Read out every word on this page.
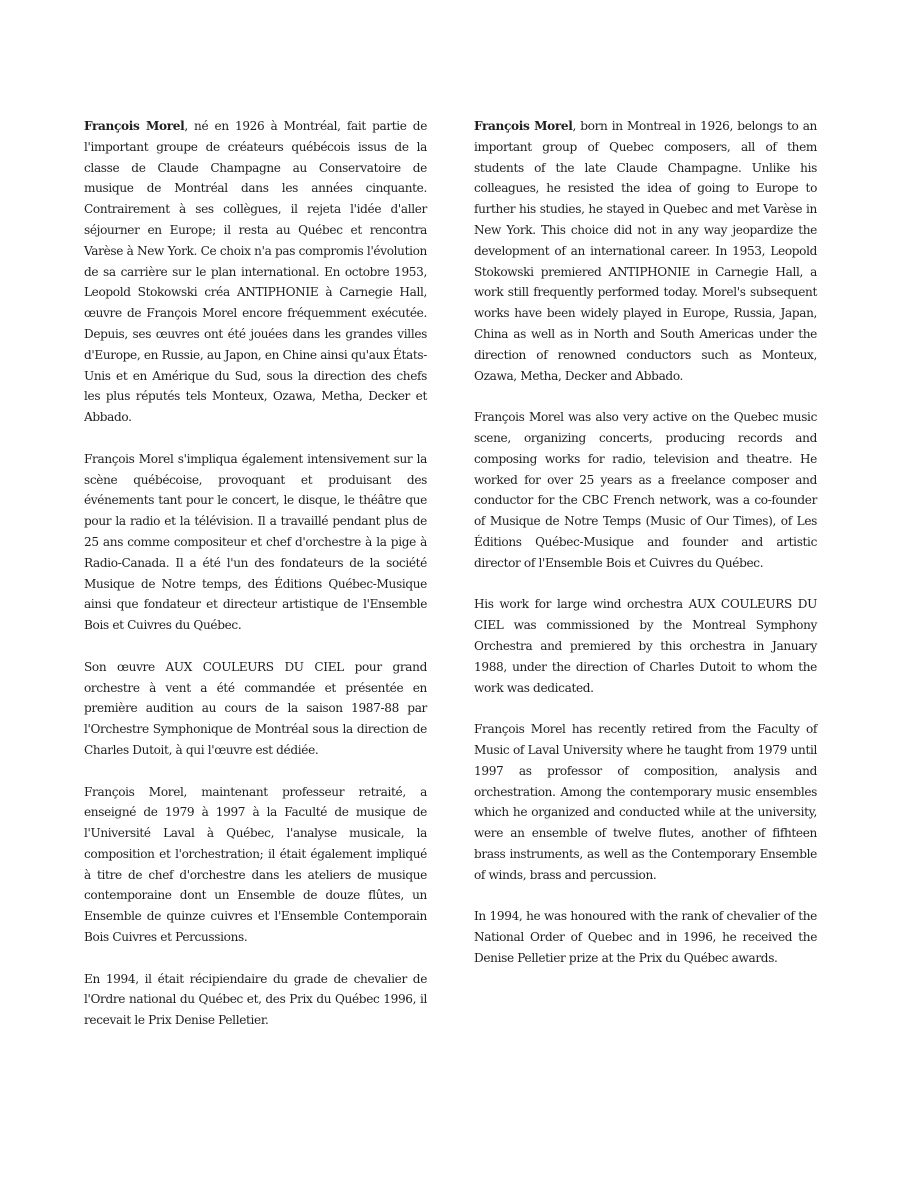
François Morel, né en 1926 à Montréal, fait partie de l'important groupe de créateurs québécois issus de la classe de Claude Champagne au Conservatoire de musique de Montréal dans les années cinquante. Contrairement à ses collègues, il rejeta l'idée d'aller séjourner en Europe; il resta au Québec et rencontra Varèse à New York. Ce choix n'a pas compromis l'évolution de sa carrière sur le plan international. En octobre 1953, Leopold Stokowski créa ANTIPHONIE à Carnegie Hall, œuvre de François Morel encore fréquemment exécutée. Depuis, ses œuvres ont été jouées dans les grandes villes d'Europe, en Russie, au Japon, en Chine ainsi qu'aux États-Unis et en Amérique du Sud, sous la direction des chefs les plus réputés tels Monteux, Ozawa, Metha, Decker et Abbado.

François Morel s'impliqua également intensivement sur la scène québécoise, provoquant et produisant des événements tant pour le concert, le disque, le théâtre que pour la radio et la télévision. Il a travaillé pendant plus de 25 ans comme compositeur et chef d'orchestre à la pige à Radio-Canada. Il a été l'un des fondateurs de la société Musique de Notre temps, des Éditions Québec-Musique ainsi que fondateur et directeur artistique de l'Ensemble Bois et Cuivres du Québec.

Son œuvre AUX COULEURS DU CIEL pour grand orchestre à vent a été commandée et présentée en première audition au cours de la saison 1987-88 par l'Orchestre Symphonique de Montréal sous la direction de Charles Dutoit, à qui l'œuvre est dédiée.

François Morel, maintenant professeur retraité, a enseigné de 1979 à 1997 à la Faculté de musique de l'Université Laval à Québec, l'analyse musicale, la composition et l'orchestration; il était également impliqué à titre de chef d'orchestre dans les ateliers de musique contemporaine dont un Ensemble de douze flûtes, un Ensemble de quinze cuivres et l'Ensemble Contemporain Bois Cuivres et Percussions.

En 1994, il était récipiendaire du grade de chevalier de l'Ordre national du Québec et, des Prix du Québec 1996, il recevait le Prix Denise Pelletier.

François Morel, born in Montreal in 1926, belongs to an important group of Quebec composers, all of them students of the late Claude Champagne. Unlike his colleagues, he resisted the idea of going to Europe to further his studies, he stayed in Quebec and met Varèse in New York. This choice did not in any way jeopardize the development of an international career. In 1953, Leopold Stokowski premiered ANTIPHONIE in Carnegie Hall, a work still frequently performed today. Morel's subsequent works have been widely played in Europe, Russia, Japan, China as well as in North and South Americas under the direction of renowned conductors such as Monteux, Ozawa, Metha, Decker and Abbado.

François Morel was also very active on the Quebec music scene, organizing concerts, producing records and composing works for radio, television and theatre. He worked for over 25 years as a freelance composer and conductor for the CBC French network, was a co-founder of Musique de Notre Temps (Music of Our Times), of Les Éditions Québec-Musique and founder and artistic director of l'Ensemble Bois et Cuivres du Québec.

His work for large wind orchestra AUX COULEURS DU CIEL was commissioned by the Montreal Symphony Orchestra and premiered by this orchestra in January 1988, under the direction of Charles Dutoit to whom the work was dedicated.

François Morel has recently retired from the Faculty of Music of Laval University where he taught from 1979 until 1997 as professor of composition, analysis and orchestration. Among the contemporary music ensembles which he organized and conducted while at the university, were an ensemble of twelve flutes, another of fifhteen brass instruments, as well as the Contemporary Ensemble of winds, brass and percussion.

In 1994, he was honoured with the rank of chevalier of the National Order of Quebec and in 1996, he received the Denise Pelletier prize at the Prix du Québec awards.
